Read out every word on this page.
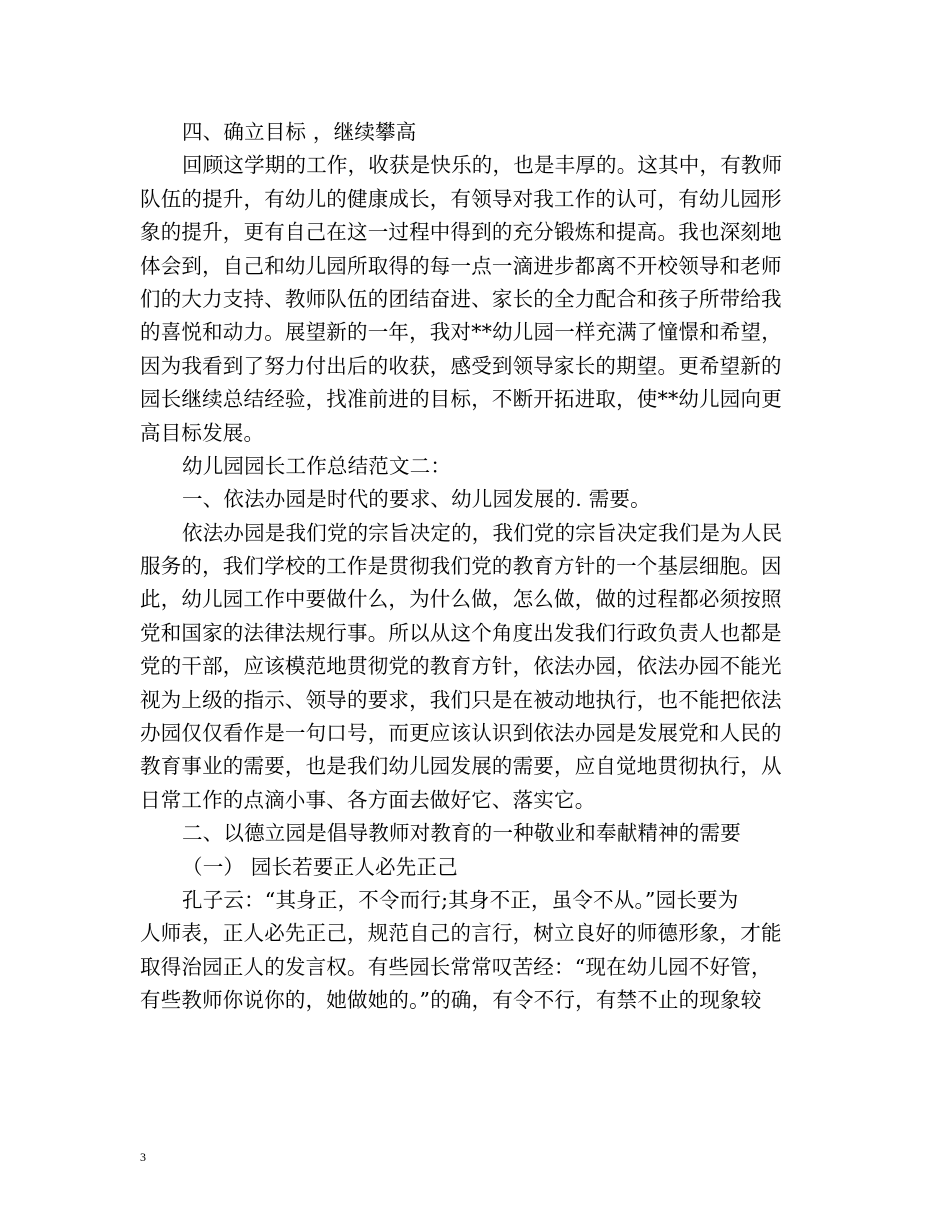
四、确立目标 ，继续攀高
回顾这学期的工作，收获是快乐的，也是丰厚的。这其中，有教师
队伍的提升，有幼儿的健康成长，有领导对我工作的认可，有幼儿园形
象的提升，更有自己在这一过程中得到的充分锻炼和提高。我也深刻地
体会到，自己和幼儿园所取得的每一点一滴进步都离不开校领导和老师
们的大力支持、教师队伍的团结奋进、家长的全力配合和孩子所带给我
的喜悦和动力。展望新的一年，我对**幼儿园一样充满了憧憬和希望，
因为我看到了努力付出后的收获，感受到领导家长的期望。更希望新的
园长继续总结经验，找准前进的目标，不断开拓进取，使**幼儿园向更
高目标发展。
幼儿园园长工作总结范文二：
一、依法办园是时代的要求、幼儿园发展的. 需要。
依法办园是我们党的宗旨决定的，我们党的宗旨决定我们是为人民
服务的，我们学校的工作是贯彻我们党的教育方针的一个基层细胞。因
此，幼儿园工作中要做什么，为什么做，怎么做，做的过程都必须按照
党和国家的法律法规行事。所以从这个角度出发我们行政负责人也都是
党的干部，应该模范地贯彻党的教育方针，依法办园，依法办园不能光
视为上级的指示、领导的要求，我们只是在被动地执行，也不能把依法
办园仅仅看作是一句口号，而更应该认识到依法办园是发展党和人民的
教育事业的需要，也是我们幼儿园发展的需要，应自觉地贯彻执行，从
日常工作的点滴小事、各方面去做好它、落实它。
二、以德立园是倡导教师对教育的一种敬业和奉献精神的需要
（一） 园长若要正人必先正己
孔子云：“其身正，不令而行;其身不正，虽令不从。”园长要为
人师表，正人必先正己，规范自己的言行，树立良好的师德形象，才能
取得治园正人的发言权。有些园长常常叹苦经：“现在幼儿园不好管，
有些教师你说你的，她做她的。”的确，有令不行，有禁不止的现象较
3
